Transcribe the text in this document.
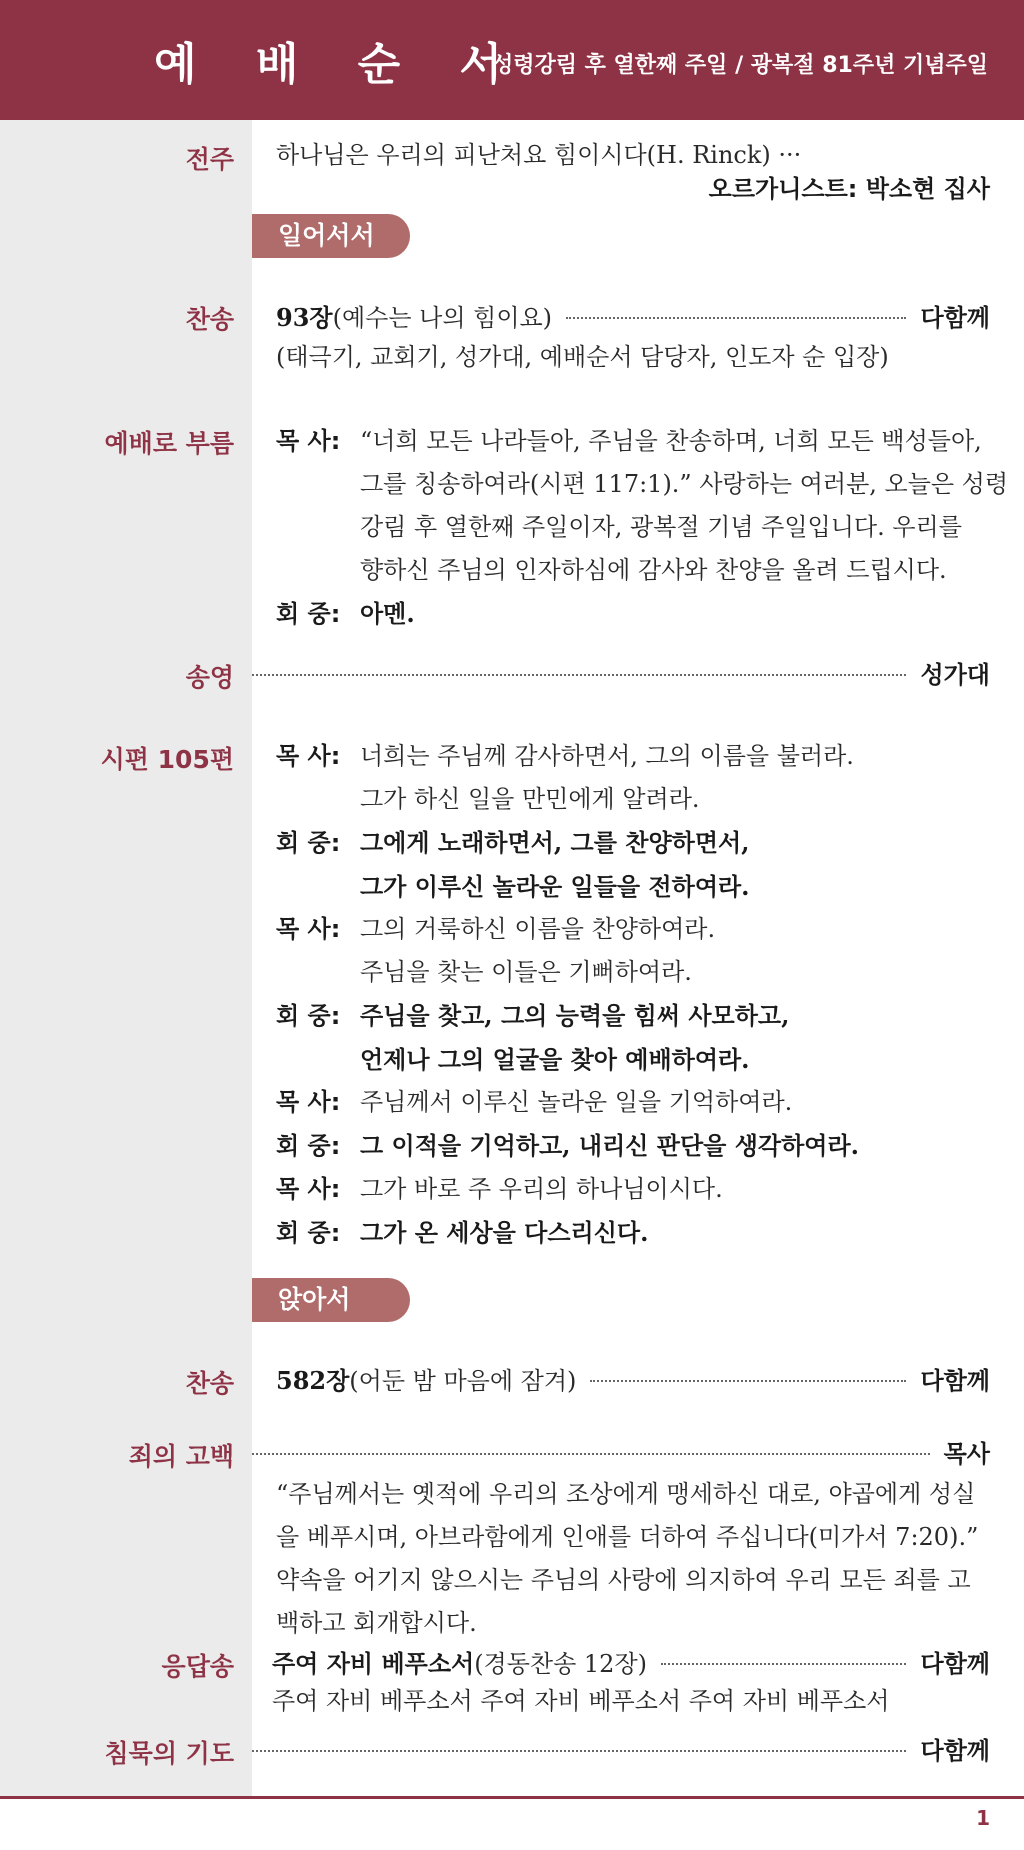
예 배 순 서
성령강림 후 열한째 주일 / 광복절 81주년 기념주일
전주 하나님은 우리의 피난처요 힘이시다(H. Rinck) ···
오르가니스트: 박소현 집사
일어서서
찬송 93장 (예수는 나의 힘이요)	다함께
(태극기, 교회기, 성가대, 예배순서 담당자, 인도자 순 입장)
예배로 부름 목 사: “너희 모든 나라들아, 주님을 찬송하며, 너희 모든 백성들아,
그를 칭송하여라(시편 117:1).” 사랑하는 여러분, 오늘은 성령
강림 후 열한째 주일이자, 광복절 기념 주일입니다. 우리를
향하신 주님의 인자하심에 감사와 찬양을 올려 드립시다.
회 중: 아멘.
송영	성가대
시편 105편 목 사: 너희는 주님께 감사하면서, 그의 이름을 불러라.
그가 하신 일을 만민에게 알려라.
회 중: 그에게 노래하면서, 그를 찬양하면서,
그가 이루신 놀라운 일들을 전하여라.
목 사: 그의 거룩하신 이름을 찬양하여라.
주님을 찾는 이들은 기뻐하여라.
회 중: 주님을 찾고, 그의 능력을 힘써 사모하고,
언제나 그의 얼굴을 찾아 예배하여라.
목 사: 주님께서 이루신 놀라운 일을 기억하여라.
회 중: 그 이적을 기억하고, 내리신 판단을 생각하여라.
목 사: 그가 바로 주 우리의 하나님이시다.
회 중: 그가 온 세상을 다스리신다.
앉아서
찬송 582장 (어둔 밤 마음에 잠겨)	다함께
죄의 고백	목사
“주님께서는 옛적에 우리의 조상에게 맹세하신 대로, 야곱에게 성실
을 베푸시며, 아브라함에게 인애를 더하여 주십니다(미가서 7:20).”
약속을 어기지 않으시는 주님의 사랑에 의지하여 우리 모든 죄를 고
백하고 회개합시다.
응답송 주여 자비 베푸소서 (경동찬송 12장)	다함께
주여 자비 베푸소서 주여 자비 베푸소서 주여 자비 베푸소서
침묵의 기도	다함께
1
